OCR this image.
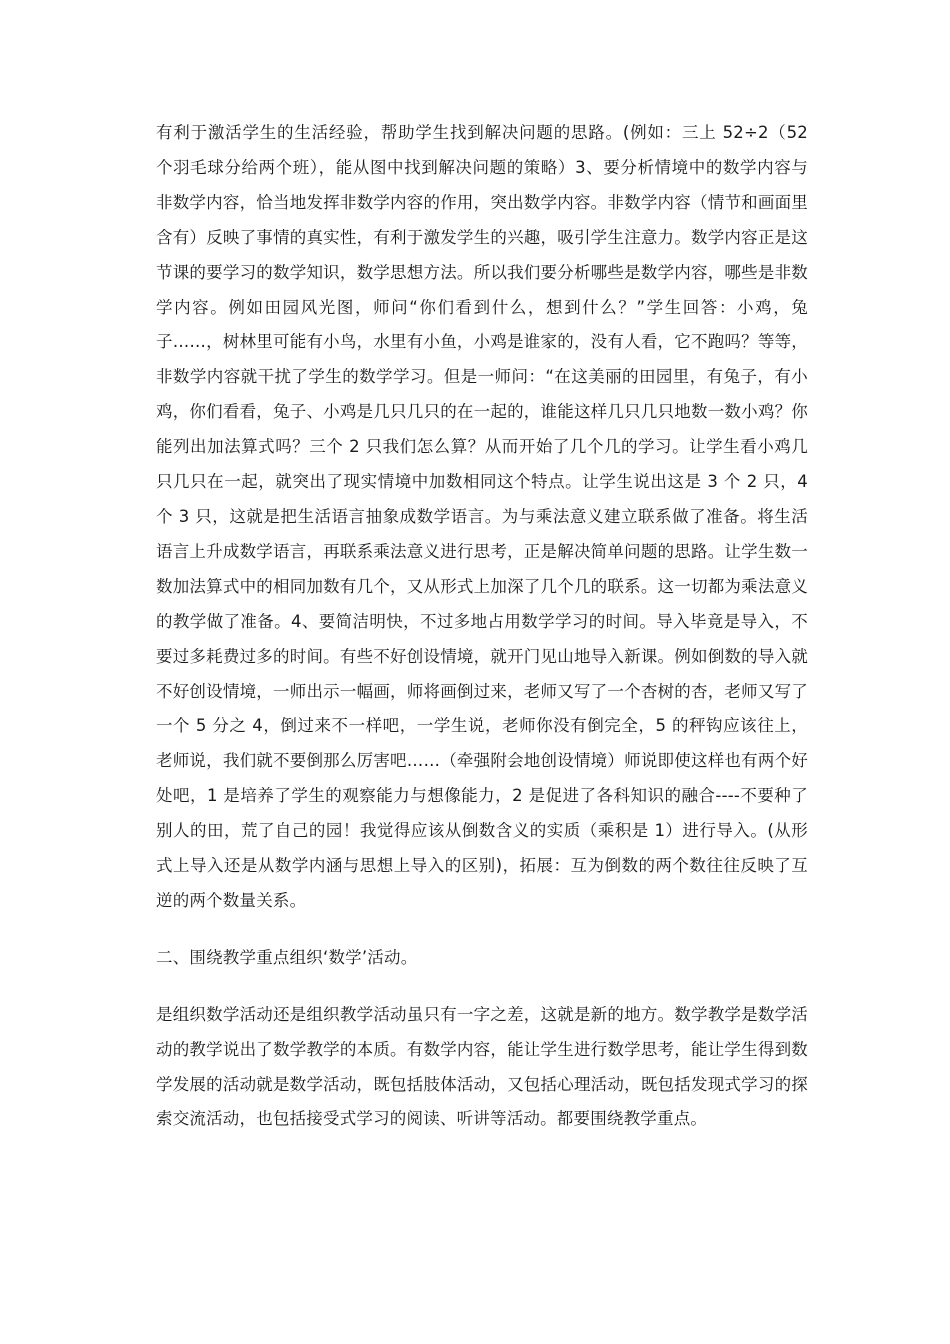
有利于激活学生的生活经验，帮助学生找到解决问题的思路。(例如：三上 52÷2（52 个羽毛球分给两个班），能从图中找到解决问题的策略）3、要分析情境中的数学内容与非数学内容，恰当地发挥非数学内容的作用，突出数学内容。非数学内容（情节和画面里含有）反映了事情的真实性，有利于激发学生的兴趣，吸引学生注意力。数学内容正是这节课的要学习的数学知识，数学思想方法。所以我们要分析哪些是数学内容，哪些是非数学内容。例如田园风光图，师问“你们看到什么，想到什么？”学生回答：小鸡，兔子……，树林里可能有小鸟，水里有小鱼，小鸡是谁家的，没有人看，它不跑吗？等等，非数学内容就干扰了学生的数学学习。但是一师问：“在这美丽的田园里，有兔子，有小鸡，你们看看，兔子、小鸡是几只几只的在一起的，谁能这样几只几只地数一数小鸡？你能列出加法算式吗？三个 2 只我们怎么算？从而开始了几个几的学习。让学生看小鸡几只几只在一起，就突出了现实情境中加数相同这个特点。让学生说出这是 3 个 2 只，4 个 3 只，这就是把生活语言抽象成数学语言。为与乘法意义建立联系做了准备。将生活语言上升成数学语言，再联系乘法意义进行思考，正是解决简单问题的思路。让学生数一数加法算式中的相同加数有几个，又从形式上加深了几个几的联系。这一切都为乘法意义的教学做了准备。4、要简洁明快，不过多地占用数学学习的时间。导入毕竟是导入，不要过多耗费过多的时间。有些不好创设情境，就开门见山地导入新课。例如倒数的导入就不好创设情境，一师出示一幅画，师将画倒过来，老师又写了一个杏树的杏，老师又写了一个 5 分之 4，倒过来不一样吧，一学生说，老师你没有倒完全，5 的秤钩应该往上，老师说，我们就不要倒那么厉害吧……（牵强附会地创设情境）师说即使这样也有两个好处吧，1 是培养了学生的观察能力与想像能力，2 是促进了各科知识的融合----不要种了别人的田，荒了自己的园！我觉得应该从倒数含义的实质（乘积是 1）进行导入。(从形式上导入还是从数学内涵与思想上导入的区别)，拓展：互为倒数的两个数往往反映了互逆的两个数量关系。

二、围绕教学重点组织‘数学’活动。

是组织数学活动还是组织教学活动虽只有一字之差，这就是新的地方。数学教学是数学活动的教学说出了数学教学的本质。有数学内容，能让学生进行数学思考，能让学生得到数学发展的活动就是数学活动，既包括肢体活动，又包括心理活动，既包括发现式学习的探索交流活动，也包括接受式学习的阅读、听讲等活动。都要围绕教学重点。
